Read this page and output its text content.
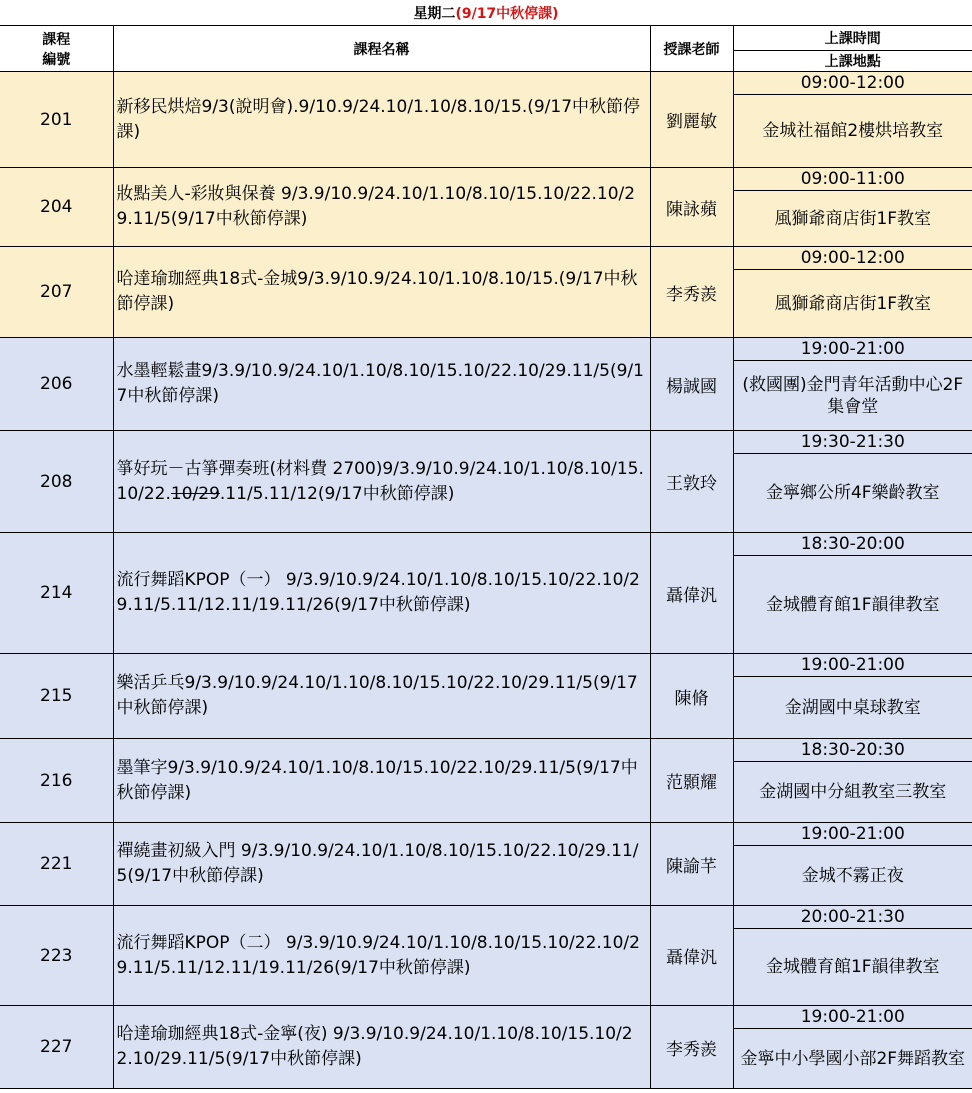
星期二(9/17中秋停課)			

課程
編號	課程名稱	授課老師	上課時間
			上課地點
201	新移民烘焙9/3(說明會).9/10.9/24.10/1.10/8.10/15.(9/17中秋節停課)	劉麗敏	09:00-12:00
			金城社福館2樓烘培教室
204	妝點美人-彩妝與保養 9/3.9/10.9/24.10/1.10/8.10/15.10/22.10/29.11/5(9/17中秋節停課)	陳詠蘋	09:00-11:00
			風獅爺商店街1F教室
207	哈達瑜珈經典18式-金城9/3.9/10.9/24.10/1.10/8.10/15.(9/17中秋節停課)	李秀羨	09:00-12:00
			風獅爺商店街1F教室
206	水墨輕鬆畫9/3.9/10.9/24.10/1.10/8.10/15.10/22.10/29.11/5(9/17中秋節停課)	楊誠國	19:00-21:00
			(救國團)金門青年活動中心2F集會堂
208	箏好玩－古箏彈奏班(材料費 2700)9/3.9/10.9/24.10/1.10/8.10/15.10/22.10/29.11/5.11/12(9/17中秋節停課)	王敦玲	19:30-21:30
			金寧鄉公所4F樂齡教室
214	流行舞蹈KPOP（一） 9/3.9/10.9/24.10/1.10/8.10/15.10/22.10/29.11/5.11/12.11/19.11/26(9/17中秋節停課)	聶偉汎	18:30-20:00
			金城體育館1F韻律教室
215	樂活乒乓9/3.9/10.9/24.10/1.10/8.10/15.10/22.10/29.11/5(9/17中秋節停課)	陳脩	19:00-21:00
			金湖國中桌球教室
216	墨筆字9/3.9/10.9/24.10/1.10/8.10/15.10/22.10/29.11/5(9/17中秋節停課)	范顥耀	18:30-20:30
			金湖國中分組教室三教室
221	禪繞畫初級入門 9/3.9/10.9/24.10/1.10/8.10/15.10/22.10/29.11/5(9/17中秋節停課)	陳諭芊	19:00-21:00
			金城不霧正夜
223	流行舞蹈KPOP（二） 9/3.9/10.9/24.10/1.10/8.10/15.10/22.10/29.11/5.11/12.11/19.11/26(9/17中秋節停課)	聶偉汎	20:00-21:30
			金城體育館1F韻律教室
227	哈達瑜珈經典18式-金寧(夜) 9/3.9/10.9/24.10/1.10/8.10/15.10/22.10/29.11/5(9/17中秋節停課)	李秀羨	19:00-21:00
			金寧中小學國小部2F舞蹈教室
